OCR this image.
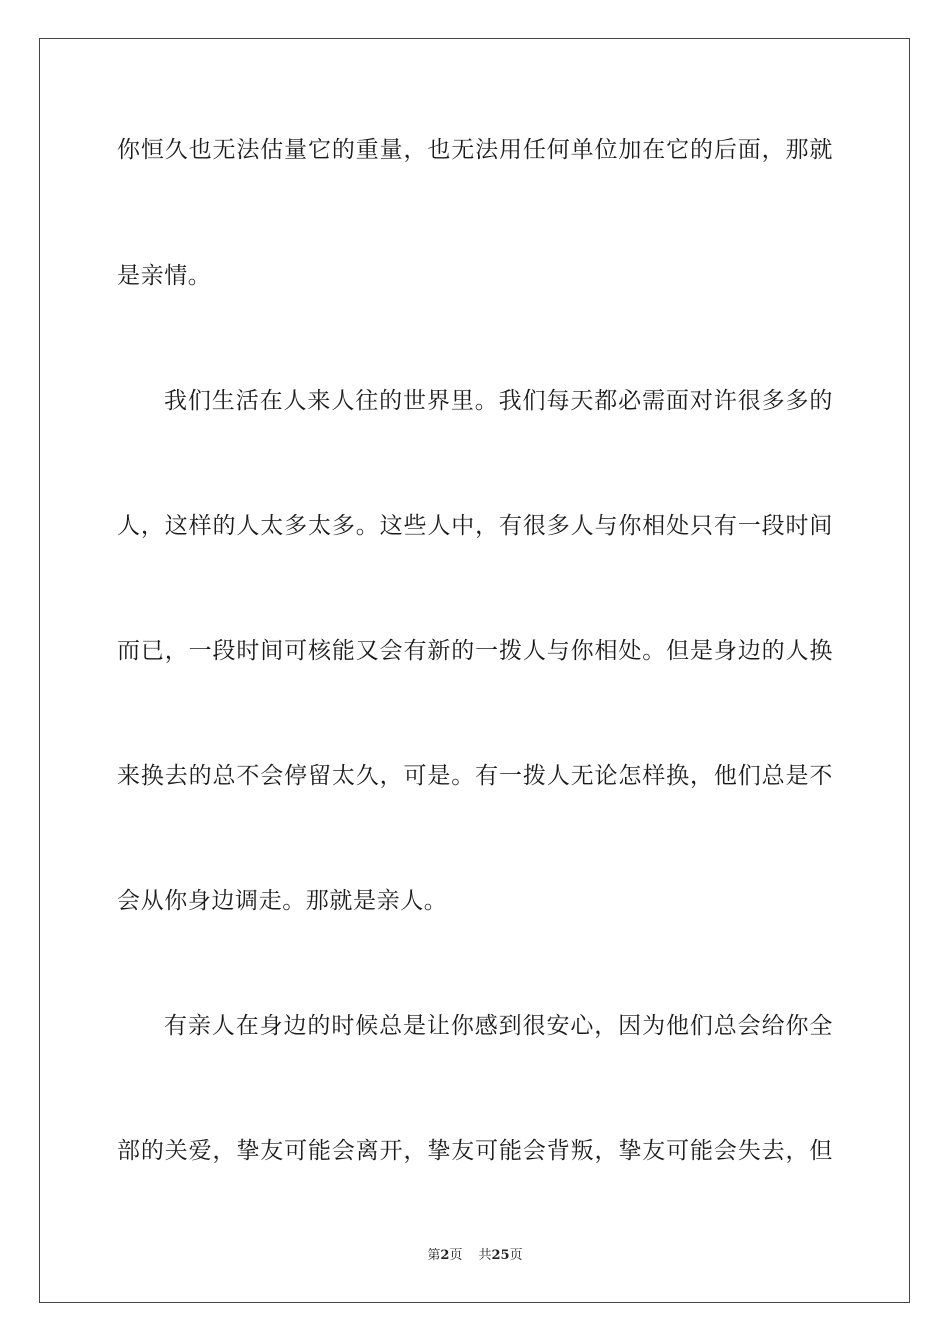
你恒久也无法估量它的重量，也无法用任何单位加在它的后面，那就
是亲情。
我们生活在人来人往的世界里。我们每天都必需面对许很多多的
人，这样的人太多太多。这些人中，有很多人与你相处只有一段时间
而已，一段时间可核能又会有新的一拨人与你相处。但是身边的人换
来换去的总不会停留太久，可是。有一拨人无论怎样换，他们总是不
会从你身边调走。那就是亲人。
有亲人在身边的时候总是让你感到很安心，因为他们总会给你全
部的关爱，挚友可能会离开，挚友可能会背叛，挚友可能会失去，但
第2页 共25页
